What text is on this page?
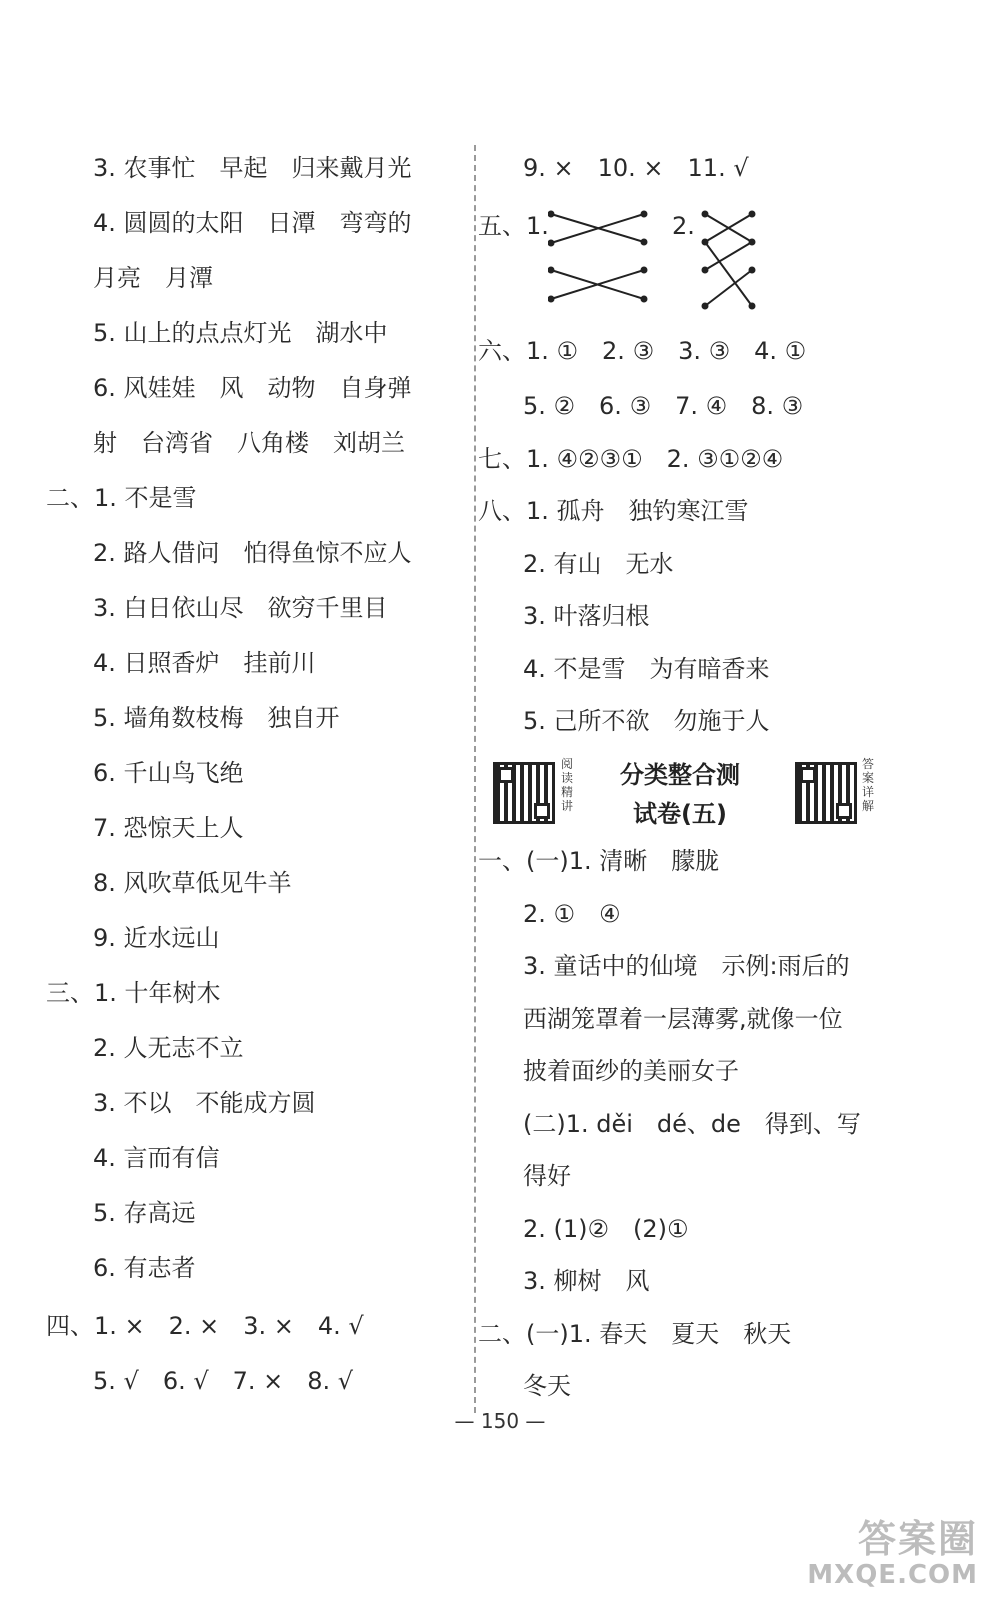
3. 农事忙　早起　归来戴月光
4. 圆圆的太阳　日潭　弯弯的
月亮　月潭
5. 山上的点点灯光　湖水中
6. 风娃娃　风　动物　自身弹
射　台湾省　八角楼　刘胡兰
二、1. 不是雪
2. 路人借问　怕得鱼惊不应人
3. 白日依山尽　欲穷千里目
4. 日照香炉　挂前川
5. 墙角数枝梅　独自开
6. 千山鸟飞绝
7. 恐惊天上人
8. 风吹草低见牛羊
9. 近水远山
三、1. 十年树木
2. 人无志不立
3. 不以　不能成方圆
4. 言而有信
5. 存高远
6. 有志者
四、1. ×　2. ×　3. ×　4. √
5. √　6. √　7. ×　8. √
9. ×　10. ×　11. √
五、1.	2.
六、1. ①　2. ③　3. ③　4. ①
5. ②　6. ③　7. ④　8. ③
七、1. ④②③①　2. ③①②④
八、1. 孤舟　独钓寒江雪
2. 有山　无水
3. 叶落归根
4. 不是雪　为有暗香来
5. 己所不欲　勿施于人
阅读精讲
分类整合测
试卷(五)
答案详解
一、(一)1. 清晰　朦胧
2. ①　④
3. 童话中的仙境　示例:雨后的
西湖笼罩着一层薄雾,就像一位
披着面纱的美丽女子
(二)1. děi　dé、de　得到、写
得好
2. (1)②　(2)①
3. 柳树　风
二、(一)1. 春天　夏天　秋天
冬天
— 150 —
答案圈
MXQE.COM
